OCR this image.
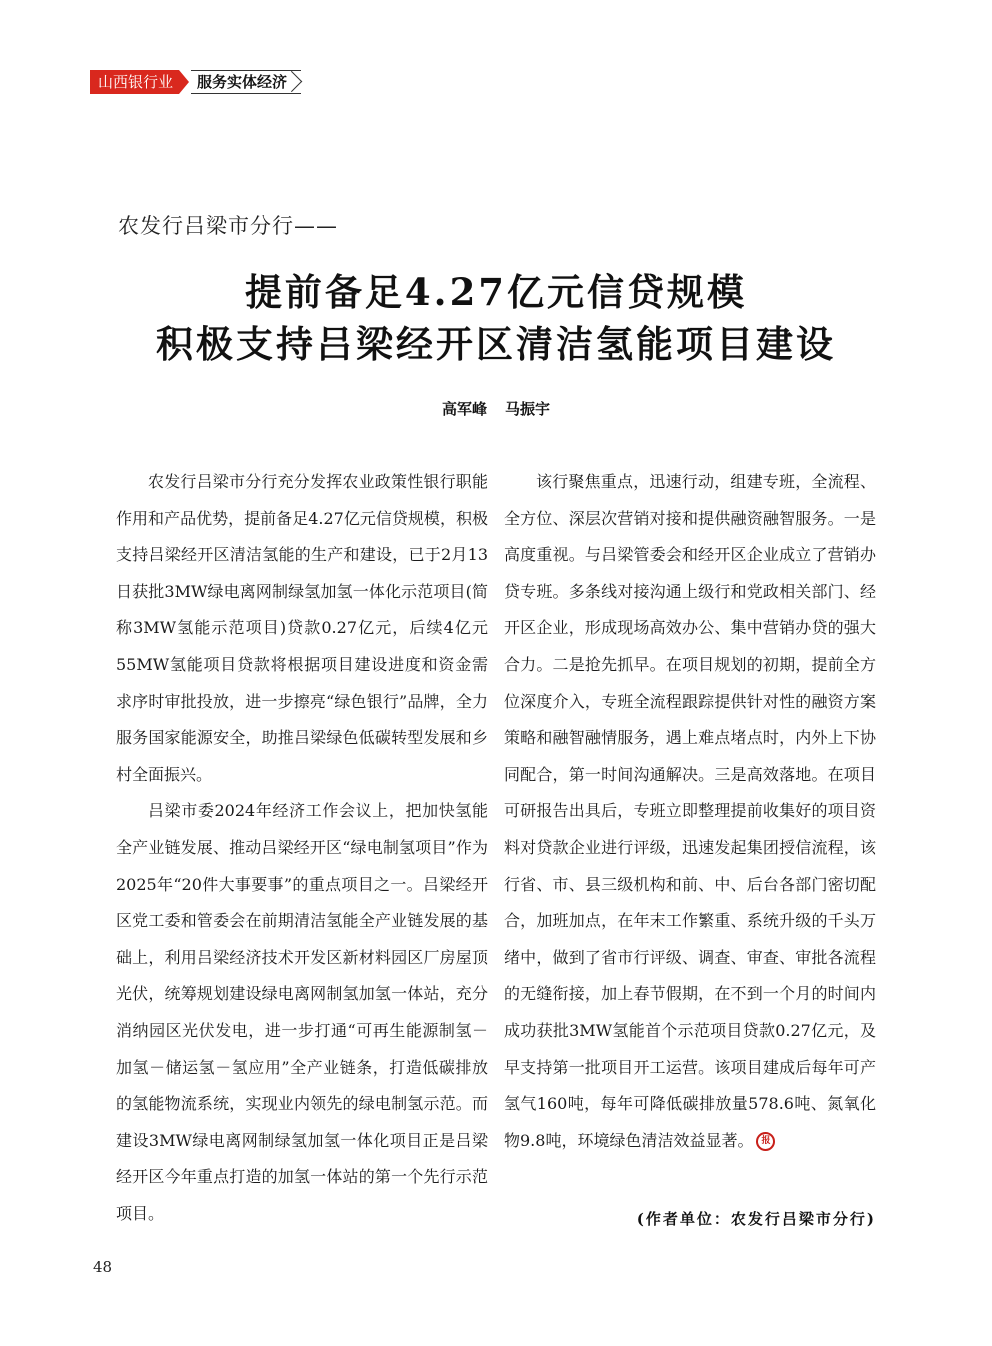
山西银行业	服务实体经济

农发行吕梁市分行——

提前备足4.27亿元信贷规模
积极支持吕梁经开区清洁氢能项目建设

高军峰 马振宇

农发行吕梁市分行充分发挥农业政策性银行职能作用和产品优势，提前备足4.27亿元信贷规模，积极支持吕梁经开区清洁氢能的生产和建设，已于2月13日获批3MW绿电离网制绿氢加氢一体化示范项目(简称3MW氢能示范项目)贷款0.27亿元，后续4亿元55MW氢能项目贷款将根据项目建设进度和资金需求序时审批投放，进一步擦亮“绿色银行”品牌，全力服务国家能源安全，助推吕梁绿色低碳转型发展和乡村全面振兴。

吕梁市委2024年经济工作会议上，把加快氢能全产业链发展、推动吕梁经开区“绿电制氢项目”作为2025年“20件大事要事”的重点项目之一。吕梁经开区党工委和管委会在前期清洁氢能全产业链发展的基础上，利用吕梁经济技术开发区新材料园区厂房屋顶光伏，统筹规划建设绿电离网制氢加氢一体站，充分消纳园区光伏发电，进一步打通“可再生能源制氢－加氢－储运氢－氢应用”全产业链条，打造低碳排放的氢能物流系统，实现业内领先的绿电制氢示范。而建设3MW绿电离网制绿氢加氢一体化项目正是吕梁经开区今年重点打造的加氢一体站的第一个先行示范项目。

该行聚焦重点，迅速行动，组建专班，全流程、全方位、深层次营销对接和提供融资融智服务。一是高度重视。与吕梁管委会和经开区企业成立了营销办贷专班。多条线对接沟通上级行和党政相关部门、经开区企业，形成现场高效办公、集中营销办贷的强大合力。二是抢先抓早。在项目规划的初期，提前全方位深度介入，专班全流程跟踪提供针对性的融资方案策略和融智融情服务，遇上难点堵点时，内外上下协同配合，第一时间沟通解决。三是高效落地。在项目可研报告出具后，专班立即整理提前收集好的项目资料对贷款企业进行评级，迅速发起集团授信流程，该行省、市、县三级机构和前、中、后台各部门密切配合，加班加点，在年末工作繁重、系统升级的千头万绪中，做到了省市行评级、调查、审查、审批各流程的无缝衔接，加上春节假期，在不到一个月的时间内成功获批3MW氢能首个示范项目贷款0.27亿元，及早支持第一批项目开工运营。该项目建成后每年可产氢气160吨，每年可降低碳排放量578.6吨、氮氧化物9.8吨，环境绿色清洁效益显著。 报

(作者单位：农发行吕梁市分行)

48
